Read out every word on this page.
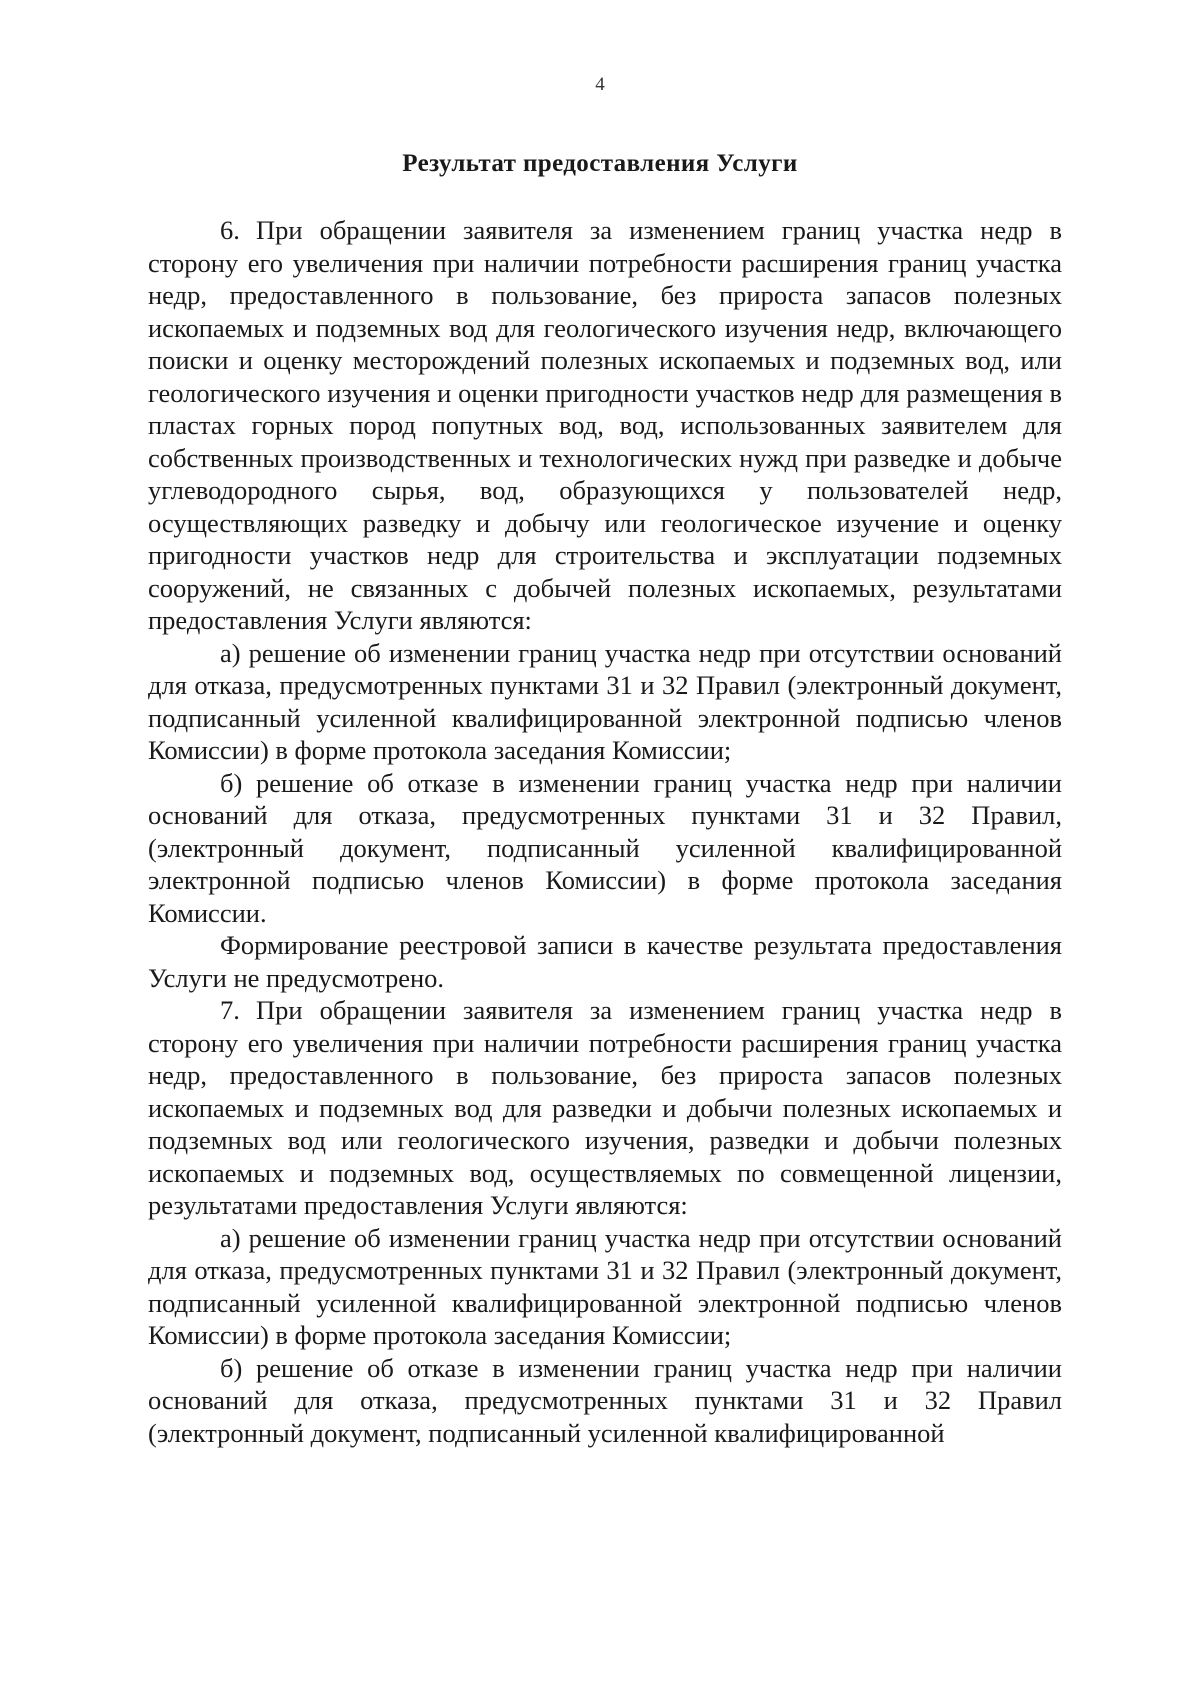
4
Результат предоставления Услуги

6. При обращении заявителя за изменением границ участка недр в сторону его увеличения при наличии потребности расширения границ участка недр, предоставленного в пользование, без прироста запасов полезных ископаемых и подземных вод для геологического изучения недр, включающего поиски и оценку месторождений полезных ископаемых и подземных вод, или геологического изучения и оценки пригодности участков недр для размещения в пластах горных пород попутных вод, вод, использованных заявителем для собственных производственных и технологических нужд при разведке и добыче углеводородного сырья, вод, образующихся у пользователей недр, осуществляющих разведку и добычу или геологическое изучение и оценку пригодности участков недр для строительства и эксплуатации подземных сооружений, не связанных с добычей полезных ископаемых, результатами предоставления Услуги являются:

а) решение об изменении границ участка недр при отсутствии оснований для отказа, предусмотренных пунктами 31 и 32 Правил (электронный документ, подписанный усиленной квалифицированной электронной подписью членов Комиссии) в форме протокола заседания Комиссии;

б) решение об отказе в изменении границ участка недр при наличии оснований для отказа, предусмотренных пунктами 31 и 32 Правил, (электронный документ, подписанный усиленной квалифицированной электронной подписью членов Комиссии) в форме протокола заседания Комиссии.

Формирование реестровой записи в качестве результата предоставления Услуги не предусмотрено.

7. При обращении заявителя за изменением границ участка недр в сторону его увеличения при наличии потребности расширения границ участка недр, предоставленного в пользование, без прироста запасов полезных ископаемых и подземных вод для разведки и добычи полезных ископаемых и подземных вод или геологического изучения, разведки и добычи полезных ископаемых и подземных вод, осуществляемых по совмещенной лицензии, результатами предоставления Услуги являются:

а) решение об изменении границ участка недр при отсутствии оснований для отказа, предусмотренных пунктами 31 и 32 Правил (электронный документ, подписанный усиленной квалифицированной электронной подписью членов Комиссии) в форме протокола заседания Комиссии;

б) решение об отказе в изменении границ участка недр при наличии оснований для отказа, предусмотренных пунктами 31 и 32 Правил (электронный документ, подписанный усиленной квалифицированной
